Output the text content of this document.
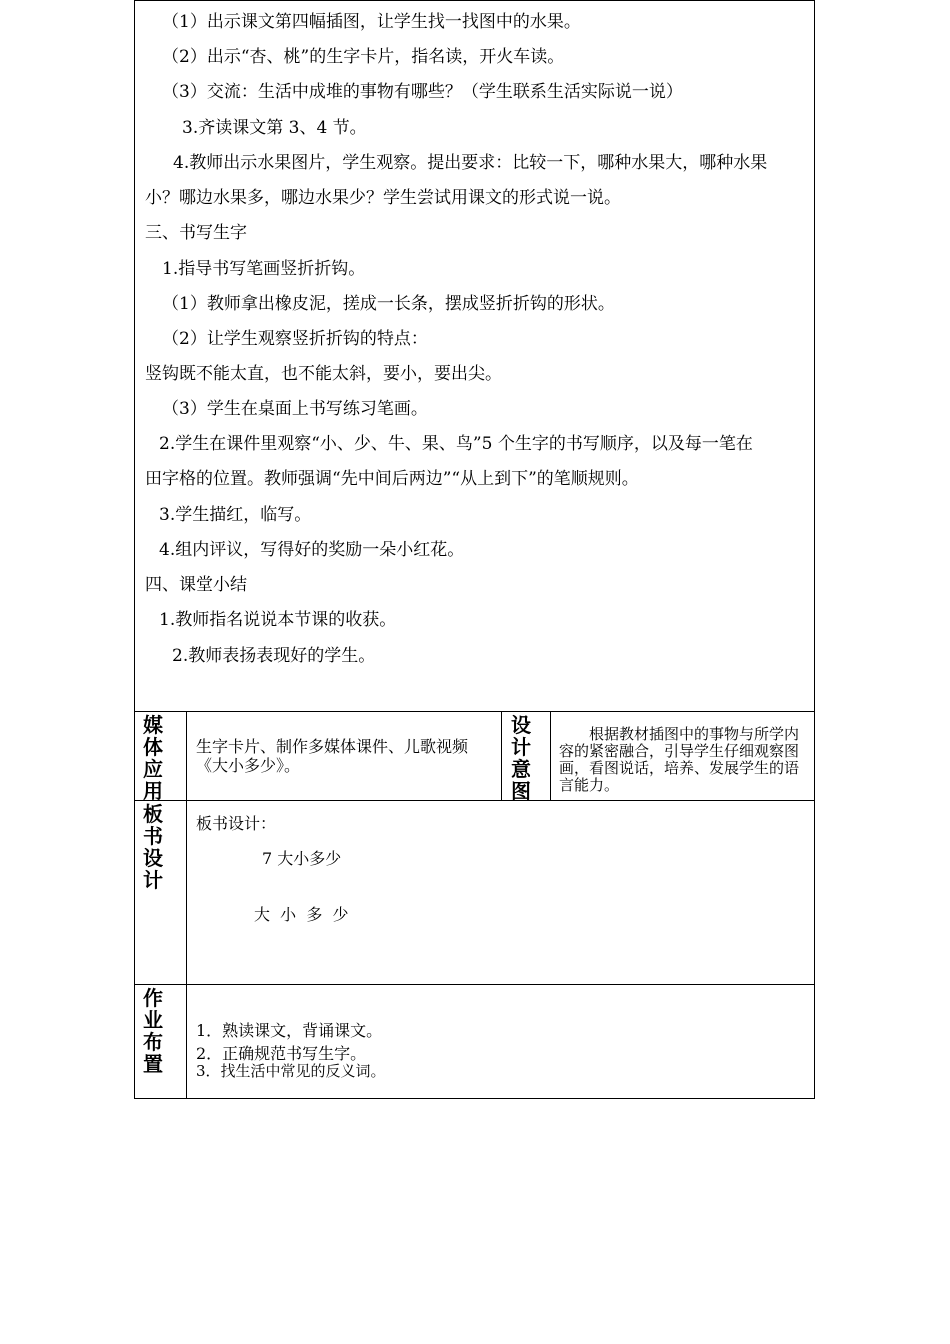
（1）出示课文第四幅插图，让学生找一找图中的水果。
（2）出示“杏、桃”的生字卡片，指名读，开火车读。
（3）交流：生活中成堆的事物有哪些？（学生联系生活实际说一说）
3.齐读课文第 3、4 节。
4.教师出示水果图片，学生观察。提出要求：比较一下，哪种水果大，哪种水果
小？哪边水果多，哪边水果少？学生尝试用课文的形式说一说。
三、书写生字
1.指导书写笔画竖折折钩。
（1）教师拿出橡皮泥，搓成一长条，摆成竖折折钩的形状。
（2）让学生观察竖折折钩的特点：
竖钩既不能太直，也不能太斜，要小，要出尖。
（3）学生在桌面上书写练习笔画。
2.学生在课件里观察“小、少、牛、果、鸟”5 个生字的书写顺序，以及每一笔在
田字格的位置。教师强调“先中间后两边”“从上到下”的笔顺规则。
3.学生描红，临写。
4.组内评议，写得好的奖励一朵小红花。
四、课堂小结
1.教师指名说说本节课的收获。
2.教师表扬表现好的学生。
媒体应用
生字卡片、制作多媒体课件、儿歌视频《大小多少》。
设计意图
根据教材插图中的事物与所学内容的紧密融合，引导学生仔细观察图画，看图说话，培养、发展学生的语言能力。
板书设计
板书设计：
7 大小多少
大  小  多  少
作业布置
1．熟读课文，背诵课文。
2．正确规范书写生字。
3．找生活中常见的反义词。
